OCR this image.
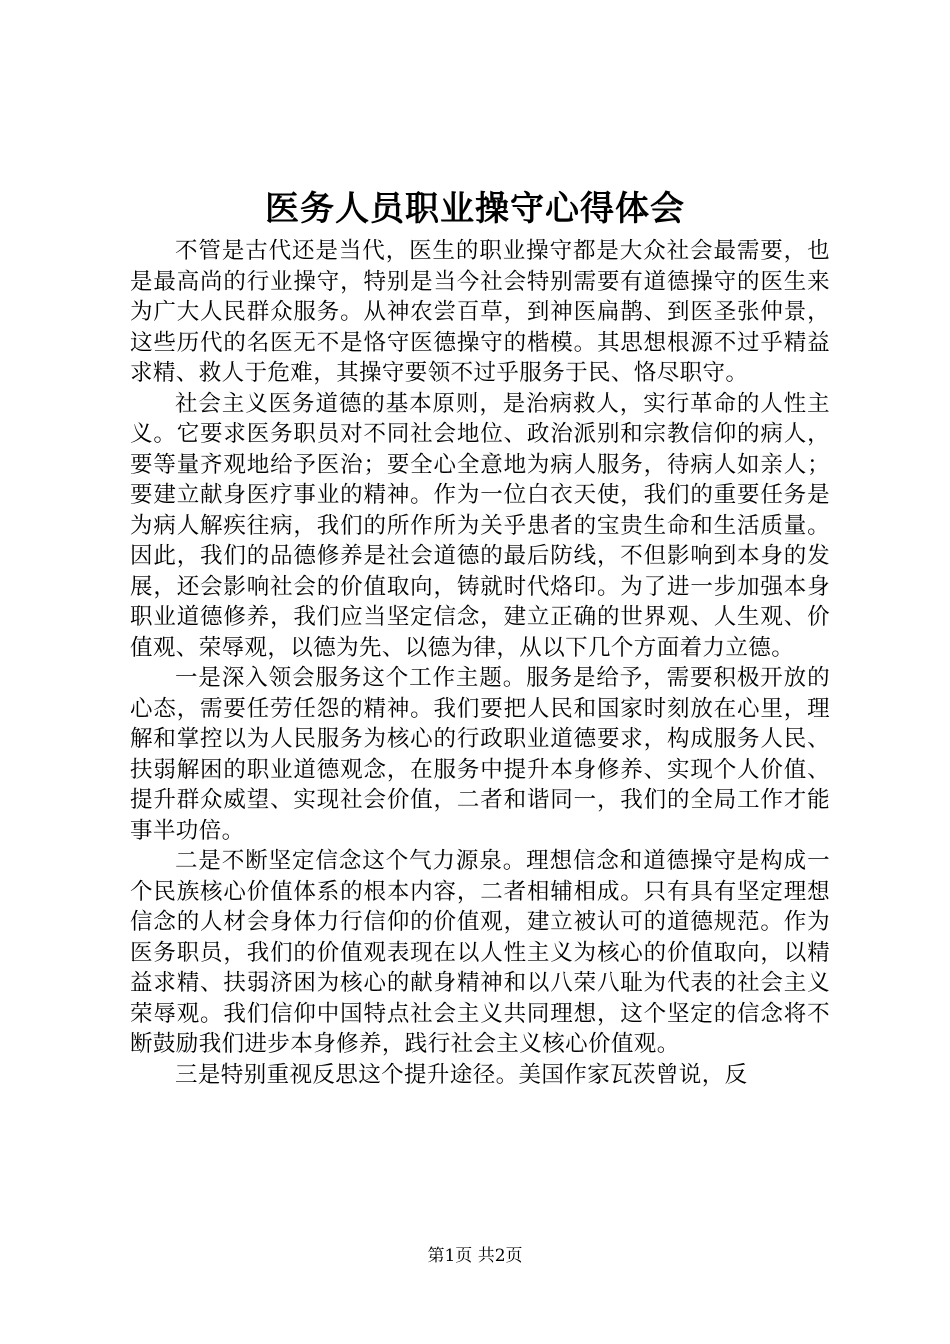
医务人员职业操守心得体会

不管是古代还是当代，医生的职业操守都是大众社会最需要，也是最高尚的行业操守，特别是当今社会特别需要有道德操守的医生来为广大人民群众服务。从神农尝百草，到神医扁鹊、到医圣张仲景，这些历代的名医无不是恪守医德操守的楷模。其思想根源不过乎精益求精、救人于危难，其操守要领不过乎服务于民、恪尽职守。

社会主义医务道德的基本原则，是治病救人，实行革命的人性主义。它要求医务职员对不同社会地位、政治派别和宗教信仰的病人，要等量齐观地给予医治；要全心全意地为病人服务，待病人如亲人；要建立献身医疗事业的精神。作为一位白衣天使，我们的重要任务是为病人解疾往病，我们的所作所为关乎患者的宝贵生命和生活质量。因此，我们的品德修养是社会道德的最后防线，不但影响到本身的发展，还会影响社会的价值取向，铸就时代烙印。为了进一步加强本身职业道德修养，我们应当坚定信念，建立正确的世界观、人生观、价值观、荣辱观，以德为先、以德为律，从以下几个方面着力立德。

一是深入领会服务这个工作主题。服务是给予，需要积极开放的心态，需要任劳任怨的精神。我们要把人民和国家时刻放在心里，理解和掌控以为人民服务为核心的行政职业道德要求，构成服务人民、扶弱解困的职业道德观念，在服务中提升本身修养、实现个人价值、提升群众威望、实现社会价值，二者和谐同一，我们的全局工作才能事半功倍。

二是不断坚定信念这个气力源泉。理想信念和道德操守是构成一个民族核心价值体系的根本内容，二者相辅相成。只有具有坚定理想信念的人材会身体力行信仰的价值观，建立被认可的道德规范。作为医务职员，我们的价值观表现在以人性主义为核心的价值取向，以精益求精、扶弱济困为核心的献身精神和以八荣八耻为代表的社会主义荣辱观。我们信仰中国特点社会主义共同理想，这个坚定的信念将不断鼓励我们进步本身修养，践行社会主义核心价值观。

三是特别重视反思这个提升途径。美国作家瓦茨曾说，反

第1页 共2页
